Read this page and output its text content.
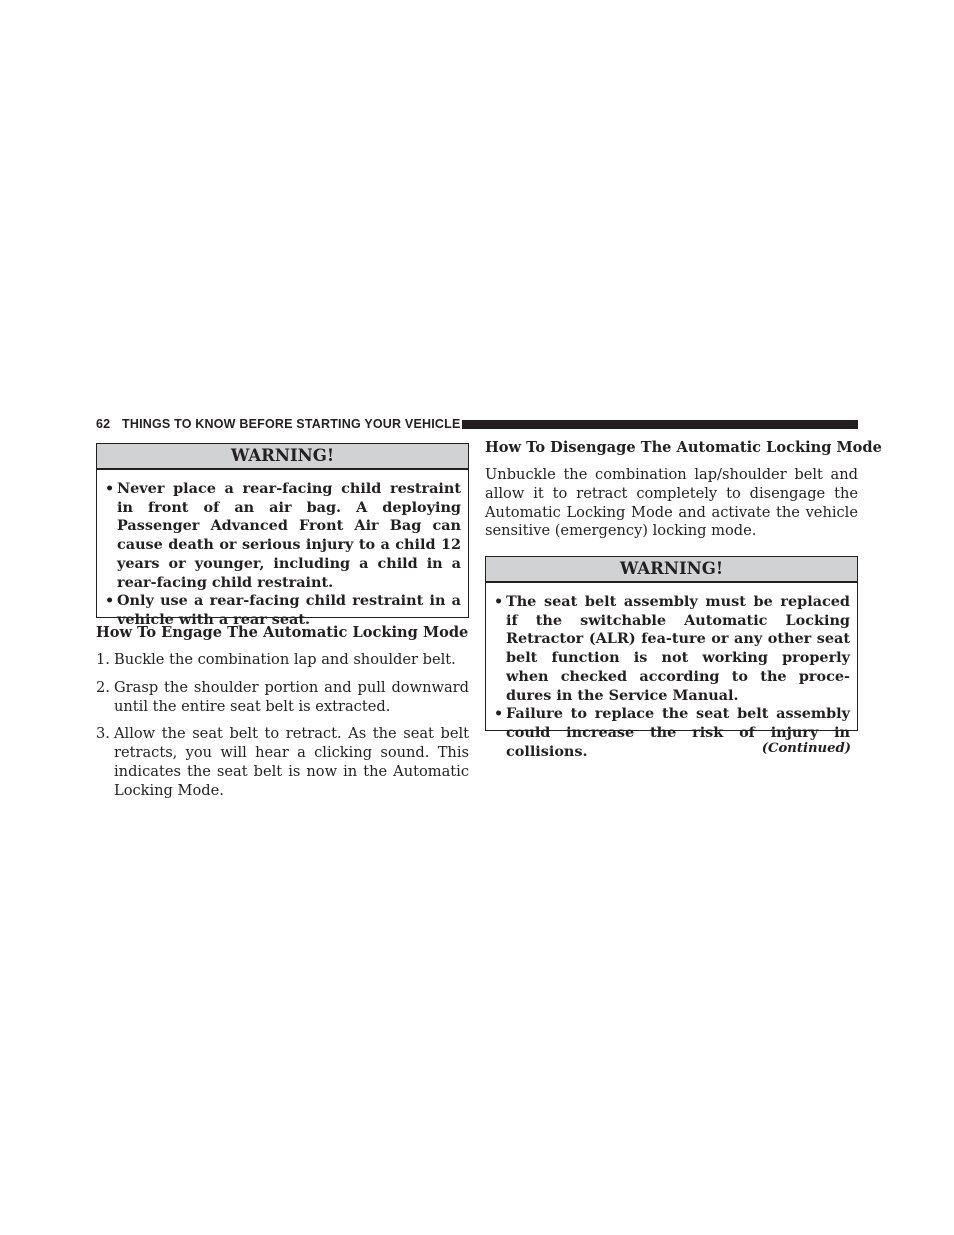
62 THINGS TO KNOW BEFORE STARTING YOUR VEHICLE
WARNING!
• Never place a rear-facing child restraint in front of an air bag. A deploying Passenger Advanced Front Air Bag can cause death or serious injury to a child 12 years or younger, including a child in a rear-facing child restraint.
• Only use a rear-facing child restraint in a vehicle with a rear seat.
How To Engage The Automatic Locking Mode
1. Buckle the combination lap and shoulder belt.
2. Grasp the shoulder portion and pull downward until the entire seat belt is extracted.
3. Allow the seat belt to retract. As the seat belt retracts, you will hear a clicking sound. This indicates the seat belt is now in the Automatic Locking Mode.
How To Disengage The Automatic Locking Mode

Unbuckle the combination lap/shoulder belt and allow it to retract completely to disengage the Automatic Locking Mode and activate the vehicle sensitive (emergency) locking mode.

WARNING!
• The seat belt assembly must be replaced if the switchable Automatic Locking Retractor (ALR) fea-ture or any other seat belt function is not working properly when checked according to the proce-dures in the Service Manual.
• Failure to replace the seat belt assembly could increase the risk of injury in collisions.	(Continued)
